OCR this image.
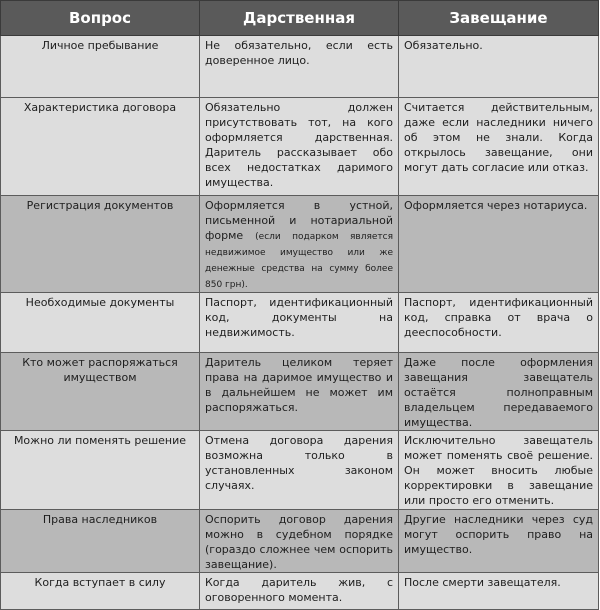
Вопрос	Дарственная	Завещание
Личное пребывание	Не обязательно, если есть доверенное лицо.	Обязательно.
Характеристика договора	Обязательно должен присутствовать тот, на кого оформляется дарственная. Даритель рассказывает обо всех недостатках даримого имущества.	Считается действительным, даже если наследники ничего об этом не знали. Когда открылось завещание, они могут дать согласие или отказ.
Регистрация документов	Оформляется в устной, письменной и нотариальной форме (если подарком является недвижимое имущество или же денежные средства на сумму более 850 грн).	Оформляется через нотариуса.
Необходимые документы	Паспорт, идентификационный код, документы на недвижимость.	Паспорт, идентификационный код, справка от врача о дееспособности.
Кто может распоряжаться имуществом	Даритель целиком теряет права на даримое имущество и в дальнейшем не может им распоряжаться.	Даже после оформления завещания завещатель остаётся полноправным владельцем передаваемого имущества.
Можно ли поменять решение	Отмена договора дарения возможна только в установленных законом случаях.	Исключительно завещатель может поменять своё решение. Он может вносить любые корректировки в завещание или просто его отменить.
Права наследников	Оспорить договор дарения можно в судебном порядке (гораздо сложнее чем оспорить завещание).	Другие наследники через суд могут оспорить право на имущество.
Когда вступает в силу	Когда даритель жив, с оговоренного момента.	После смерти завещателя.
